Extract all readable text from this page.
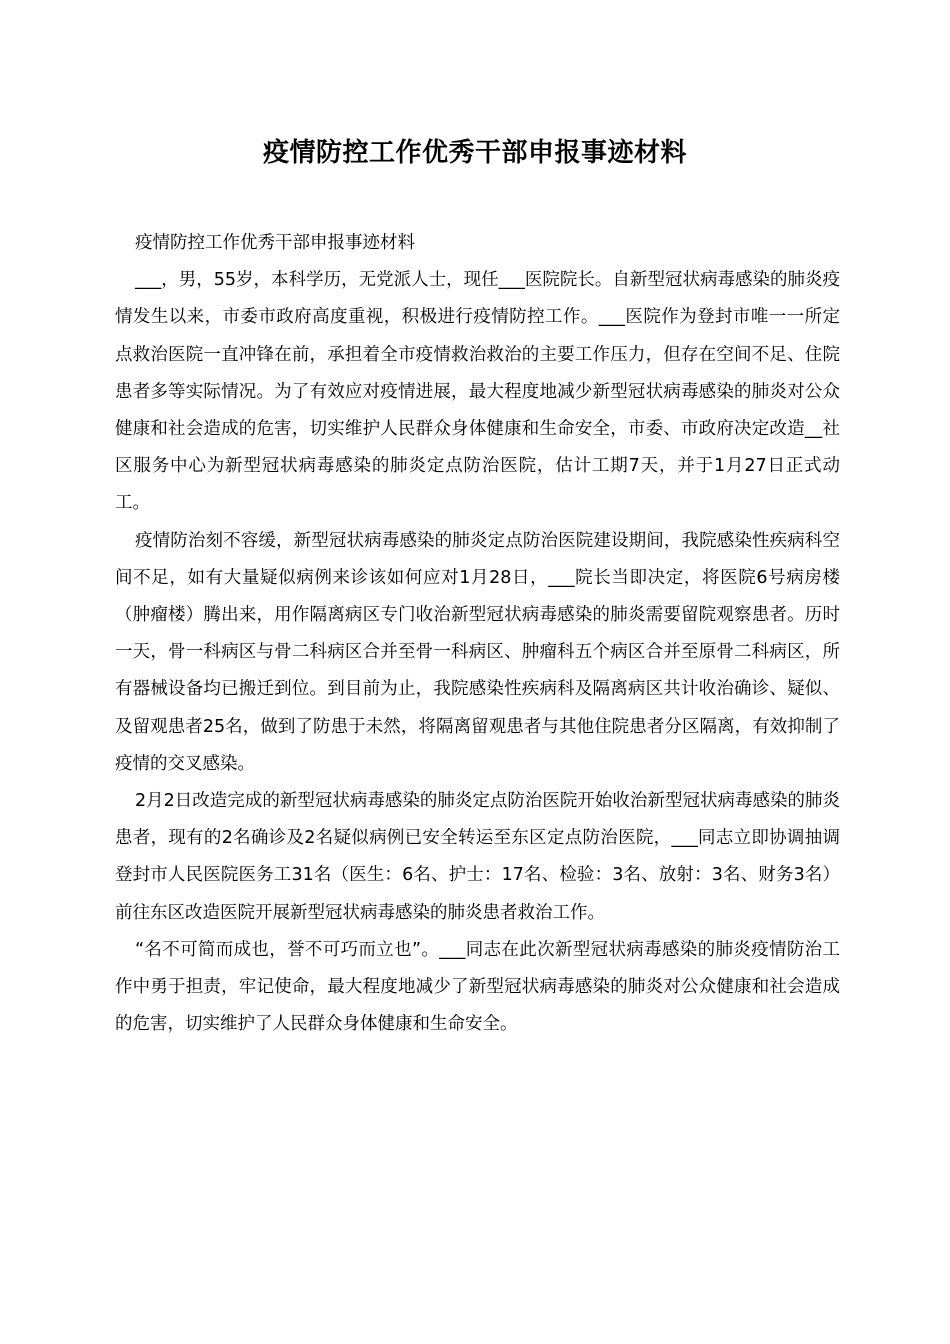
疫情防控工作优秀干部申报事迹材料

疫情防控工作优秀干部申报事迹材料

___，男，55岁，本科学历，无党派人士，现任___医院院长。自新型冠状病毒感染的肺炎疫情发生以来，市委市政府高度重视，积极进行疫情防控工作。___医院作为登封市唯一一所定点救治医院一直冲锋在前，承担着全市疫情救治救治的主要工作压力，但存在空间不足、住院患者多等实际情况。为了有效应对疫情进展，最大程度地减少新型冠状病毒感染的肺炎对公众健康和社会造成的危害，切实维护人民群众身体健康和生命安全，市委、市政府决定改造__社区服务中心为新型冠状病毒感染的肺炎定点防治医院，估计工期7天，并于1月27日正式动工。

疫情防治刻不容缓，新型冠状病毒感染的肺炎定点防治医院建设期间，我院感染性疾病科空间不足，如有大量疑似病例来诊该如何应对1月28日，___院长当即决定，将医院6号病房楼（肿瘤楼）腾出来，用作隔离病区专门收治新型冠状病毒感染的肺炎需要留院观察患者。历时一天，骨一科病区与骨二科病区合并至骨一科病区、肿瘤科五个病区合并至原骨二科病区，所有器械设备均已搬迁到位。到目前为止，我院感染性疾病科及隔离病区共计收治确诊、疑似、及留观患者25名，做到了防患于未然，将隔离留观患者与其他住院患者分区隔离，有效抑制了疫情的交叉感染。

2月2日改造完成的新型冠状病毒感染的肺炎定点防治医院开始收治新型冠状病毒感染的肺炎患者，现有的2名确诊及2名疑似病例已安全转运至东区定点防治医院，___同志立即协调抽调登封市人民医院医务工31名（医生：6名、护士：17名、检验：3名、放射：3名、财务3名）前往东区改造医院开展新型冠状病毒感染的肺炎患者救治工作。

“名不可简而成也，誉不可巧而立也”。___同志在此次新型冠状病毒感染的肺炎疫情防治工作中勇于担责，牢记使命，最大程度地减少了新型冠状病毒感染的肺炎对公众健康和社会造成的危害，切实维护了人民群众身体健康和生命安全。
